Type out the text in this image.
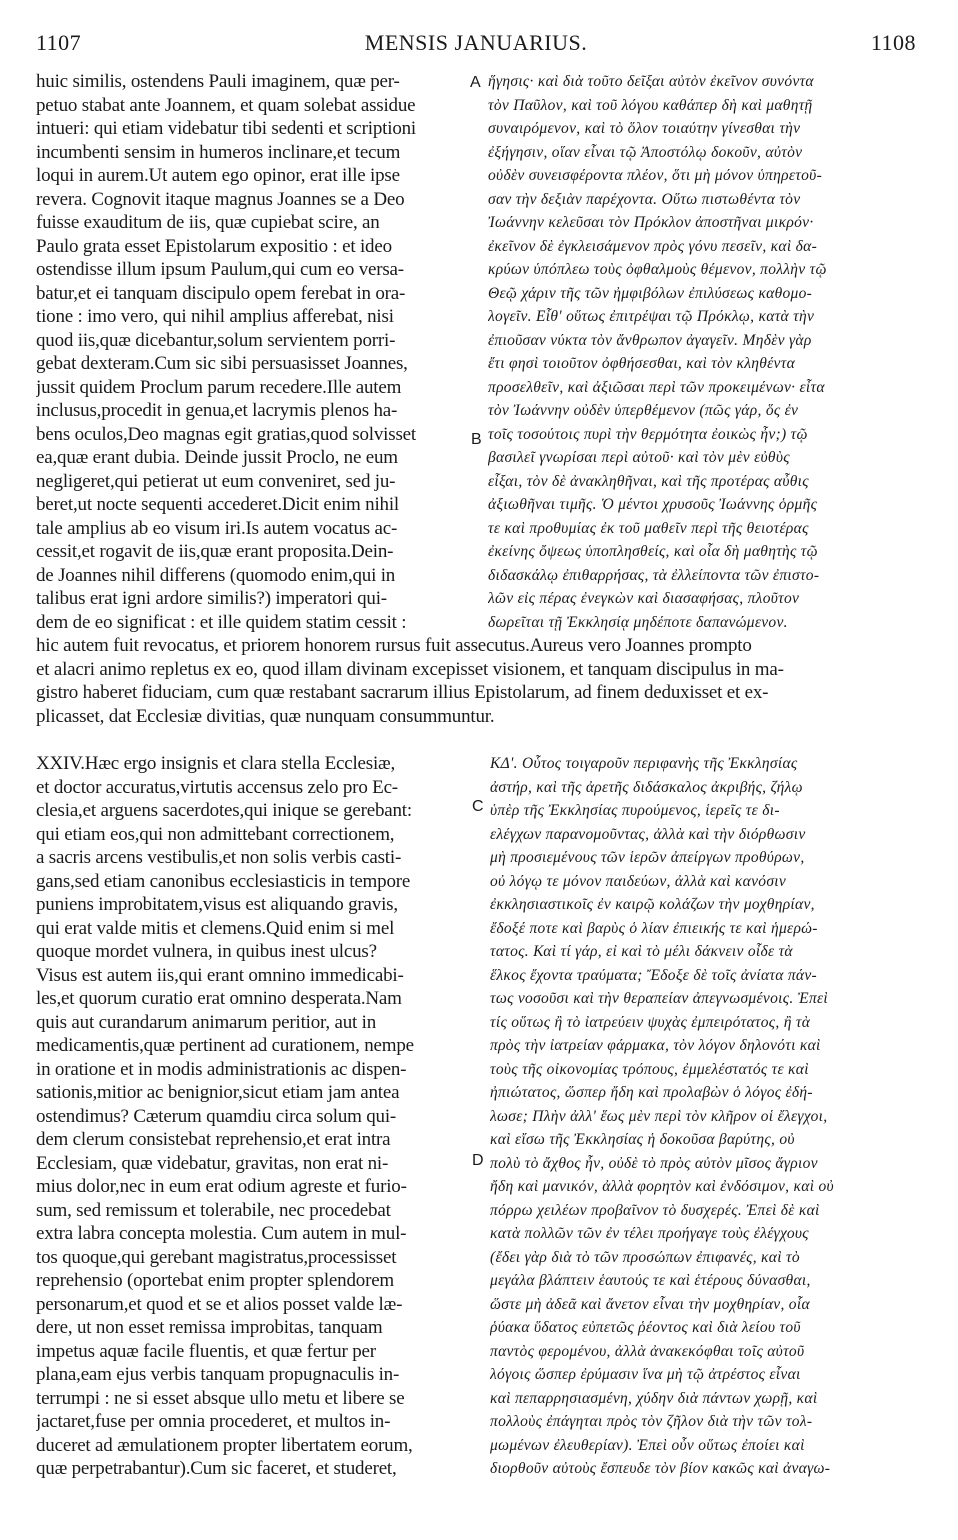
1107	MENSIS JANUARIUS.	1108
huic similis, ostendens Pauli imaginem, quæ per-
petuo stabat ante Joannem, et quam solebat assidue
intueri: qui etiam videbatur tibi sedenti et scriptioni
incumbenti sensim in humeros inclinare,et tecum
loqui in aurem.Ut autem ego opinor, erat ille ipse
revera. Cognovit itaque magnus Joannes se a Deo
fuisse exauditum de iis, quæ cupiebat scire, an
Paulo grata esset Epistolarum expositio : et ideo
ostendisse illum ipsum Paulum,qui cum eo versa-
batur,et ei tanquam discipulo opem ferebat in ora-
tione : imo vero, qui nihil amplius afferebat, nisi
quod iis,quæ dicebantur,solum servientem porri-
gebat dexteram.Cum sic sibi persuasisset Joannes,
jussit quidem Proclum parum recedere.Ille autem
inclusus,procedit in genua,et lacrymis plenos ha-
bens oculos,Deo magnas egit gratias,quod solvisset
ea,quæ erant dubia. Deinde jussit Proclo, ne eum
negligeret,qui petierat ut eum conveniret, sed ju-
beret,ut nocte sequenti accederet.Dicit enim nihil
tale amplius ab eo visum iri.Is autem vocatus ac-
cessit,et rogavit de iis,quæ erant proposita.Dein-
de Joannes nihil differens (quomodo enim,qui in
talibus erat igni ardore similis?) imperatori qui-
dem de eo significat : et ille quidem statim cessit :
ἥγησις· καὶ διὰ τοῦτο δεῖξαι αὐτὸν ἐκεῖνον συνόντα
τὸν Παῦλον, καὶ τοῦ λόγου καθάπερ δὴ καὶ μαθητῇ
συναιρόμενον, καὶ τὸ ὅλον τοιαύτην γίνεσθαι τὴν
ἐξήγησιν, οἵαν εἶναι τῷ Ἀποστόλῳ δοκοῦν, αὐτὸν
οὐδὲν συνεισφέροντα πλέον, ὅτι μὴ μόνον ὑπηρετοῦ-
σαν τὴν δεξιὰν παρέχοντα. Οὕτω πιστωθέντα τὸν
Ἰωάννην κελεῦσαι τὸν Πρόκλον ἀποστῆναι μικρόν·
ἐκεῖνον δὲ ἐγκλεισάμενον πρὸς γόνυ πεσεῖν, καὶ δα-
κρύων ὑπόπλεω τοὺς ὀφθαλμοὺς θέμενον, πολλὴν τῷ
Θεῷ χάριν τῆς τῶν ἠμφιβόλων ἐπιλύσεως καθομο-
λογεῖν. Εἶθ' οὕτως ἐπιτρέψαι τῷ Πρόκλῳ, κατὰ τὴν
ἐπιοῦσαν νύκτα τὸν ἄνθρωπον ἀγαγεῖν. Μηδὲν γὰρ
ἔτι φησὶ τοιοῦτον ὀφθήσεσθαι, καὶ τὸν κληθέντα
προσελθεῖν, καὶ ἀξιῶσαι περὶ τῶν προκειμένων· εἶτα
τὸν Ἰωάννην οὐδὲν ὑπερθέμενον (πῶς γάρ, ὅς ἐν
τοῖς τοσούτοις πυρὶ τὴν θερμότητα ἐοικὼς ἦν;) τῷ
βασιλεῖ γνωρίσαι περὶ αὐτοῦ· καὶ τὸν μὲν εὐθὺς
εἶξαι, τὸν δὲ ἀνακληθῆναι, καὶ τῆς προτέρας αὖθις
ἀξιωθῆναι τιμῆς. Ὁ μέντοι χρυσοῦς Ἰωάννης ὁρμῆς
τε καὶ προθυμίας ἐκ τοῦ μαθεῖν περὶ τῆς θειοτέρας
ἐκείνης ὄψεως ὑποπλησθείς, καὶ οἷα δὴ μαθητὴς τῷ
διδασκάλῳ ἐπιθαρρήσας, τὰ ἐλλείποντα τῶν ἐπιστο-
λῶν εἰς πέρας ἐνεγκὼν καὶ διασαφήσας, πλοῦτον
δωρεῖται τῇ Ἐκκλησίᾳ μηδέποτε δαπανώμενον.
hic autem fuit revocatus, et priorem honorem rursus fuit assecutus.Aureus vero Joannes prompto
et alacri animo repletus ex eo, quod illam divinam excepisset visionem, et tanquam discipulus in ma-
gistro haberet fiduciam, cum quæ restabant sacrarum illius Epistolarum, ad finem deduxisset et ex-
plicasset, dat Ecclesiæ divitias, quæ nunquam consummuntur.
XXIV.Hæc ergo insignis et clara stella Ecclesiæ,
et doctor accuratus,virtutis accensus zelo pro Ec-
clesia,et arguens sacerdotes,qui inique se gerebant:
qui etiam eos,qui non admittebant correctionem,
a sacris arcens vestibulis,et non solis verbis casti-
gans,sed etiam canonibus ecclesiasticis in tempore
puniens improbitatem,visus est aliquando gravis,
qui erat valde mitis et clemens.Quid enim si mel
quoque mordet vulnera, in quibus inest ulcus?
Visus est autem iis,qui erant omnino immedicabi-
les,et quorum curatio erat omnino desperata.Nam
quis aut curandarum animarum peritior, aut in
medicamentis,quæ pertinent ad curationem, nempe
in oratione et in modis administrationis ac dispen-
sationis,mitior ac benignior,sicut etiam jam antea
ostendimus? Cæterum quamdiu circa solum qui-
dem clerum consistebat reprehensio,et erat intra
Ecclesiam, quæ videbatur, gravitas, non erat ni-
mius dolor,nec in eum erat odium agreste et furio-
sum, sed remissum et tolerabile, nec procedebat
extra labra concepta molestia. Cum autem in mul-
tos quoque,qui gerebant magistratus,processisset
reprehensio (oportebat enim propter splendorem
personarum,et quod et se et alios posset valde læ-
dere, ut non esset remissa improbitas, tanquam
impetus aquæ facile fluentis, et quæ fertur per
plana,eam ejus verbis tanquam propugnaculis in-
terrumpi : ne si esset absque ullo metu et libere se
jactaret,fuse per omnia procederet, et multos in-
duceret ad æmulationem propter libertatem eorum,
quæ perpetrabantur).Cum sic faceret, et studeret,
ΚΔ'. Οὗτος τοιγαροῦν περιφανὴς τῆς Ἐκκλησίας
ἀστήρ, καὶ τῆς ἀρετῆς διδάσκαλος ἀκριβής, ζήλῳ
ὑπὲρ τῆς Ἐκκλησίας πυρούμενος, ἱερεῖς τε δι-
ελέγχων παρανομοῦντας, ἀλλὰ καὶ τὴν διόρθωσιν
μὴ προσιεμένους τῶν ἱερῶν ἀπείργων προθύρων,
οὐ λόγῳ τε μόνον παιδεύων, ἀλλὰ καὶ κανόσιν
ἐκκλησιαστικοῖς ἐν καιρῷ κολάζων τὴν μοχθηρίαν,
ἔδοξέ ποτε καὶ βαρὺς ὁ λίαν ἐπιεικής τε καὶ ἡμερώ-
τατος. Καὶ τί γάρ, εἰ καὶ τὸ μέλι δάκνειν οἶδε τὰ
ἕλκος ἔχοντα τραύματα; Ἔδοξε δὲ τοῖς ἀνίατα πάν-
τως νοσοῦσι καὶ τὴν θεραπείαν ἀπεγνωσμένοις. Ἐπεὶ
τίς οὕτως ἢ τὸ ἰατρεύειν ψυχὰς ἐμπειρότατος, ἢ τὰ
πρὸς τὴν ἰατρείαν φάρμακα, τὸν λόγον δηλονότι καὶ
τοὺς τῆς οἰκονομίας τρόπους, ἐμμελέστατός τε καὶ
ἠπιώτατος, ὥσπερ ἤδη καὶ προλαβὼν ὁ λόγος ἐδή-
λωσε; Πλὴν ἀλλ' ἕως μὲν περὶ τὸν κλῆρον οἱ ἔλεγχοι,
καὶ εἴσω τῆς Ἐκκλησίας ἡ δοκοῦσα βαρύτης, οὐ
πολὺ τὸ ἄχθος ἦν, οὐδὲ τὸ πρὸς αὐτὸν μῖσος ἄγριον
ἤδη καὶ μανικόν, ἀλλὰ φορητὸν καὶ ἐνδόσιμον, καὶ οὐ
πόρρω χειλέων προβαῖνον τὸ δυσχερές. Ἐπεὶ δὲ καὶ
κατὰ πολλῶν τῶν ἐν τέλει προήγαγε τοὺς ἐλέγχους
(ἔδει γὰρ διὰ τὸ τῶν προσώπων ἐπιφανές, καὶ τὸ
μεγάλα βλάπτειν ἑαυτούς τε καὶ ἑτέρους δύνασθαι,
ὥστε μὴ ἀδεᾶ καὶ ἄνετον εἶναι τὴν μοχθηρίαν, οἷα
ῥύακα ὕδατος εὐπετῶς ῥέοντος καὶ διὰ λείου τοῦ
παντὸς φερομένου, ἀλλὰ ἀνακεκόφθαι τοῖς αὐτοῦ
λόγοις ὥσπερ ἐρύμασιν ἵνα μὴ τῷ ἀτρέστος εἶναι
καὶ πεπαρρησιασμένη, χύδην διὰ πάντων χωρῇ, καὶ
πολλοὺς ἐπάγηται πρὸς τὸν ζῆλον διὰ τὴν τῶν τολ-
μωμένων ἐλευθερίαν). Ἐπεὶ οὖν οὕτως ἐποίει καὶ
διορθοῦν αὐτοὺς ἔσπευδε τὸν βίον κακῶς καὶ ἀναγω-
A
B
C
D
